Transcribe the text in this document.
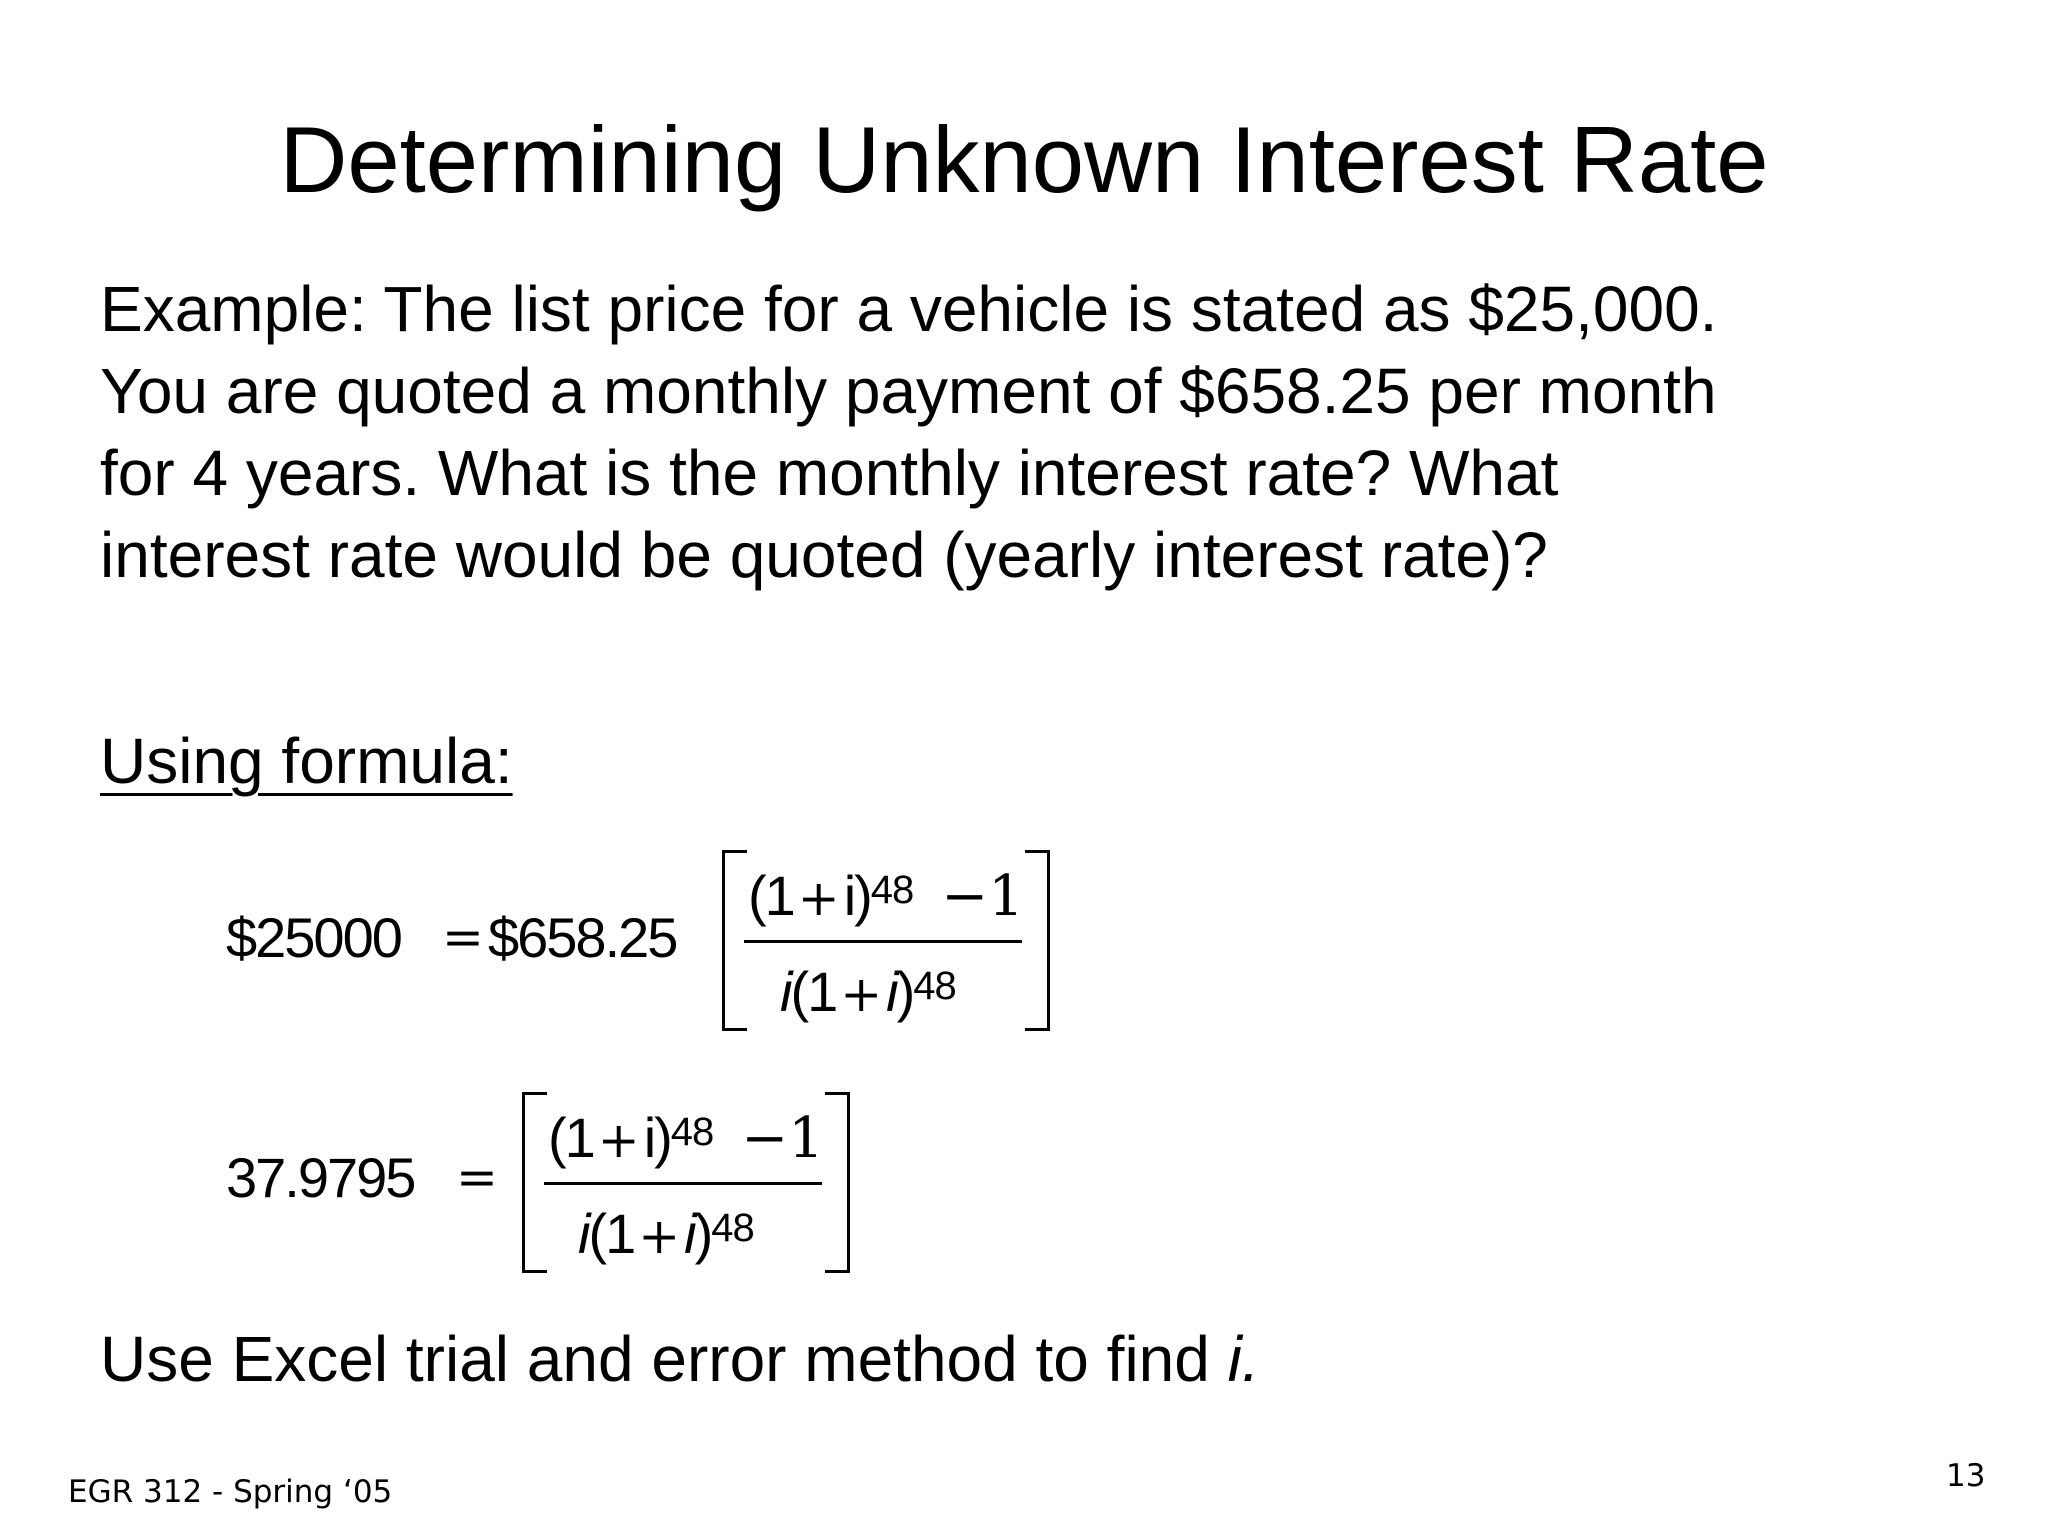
Determining Unknown Interest Rate
Example: The list price for a vehicle is stated as $25,000.
You are quoted a monthly payment of $658.25 per month
for 4 years. What is the monthly interest rate? What
interest rate would be quoted (yearly interest rate)?

Using formula:

$25000 = $658.25
$(1+i)^{48} -1$
$i(1+i)^{48}$
37.9795 =
$(1+i)^{48} -1$
$i(1+i)^{48}$

Use Excel trial and error method to find i.

EGR 312 - Spring ‘05	13
